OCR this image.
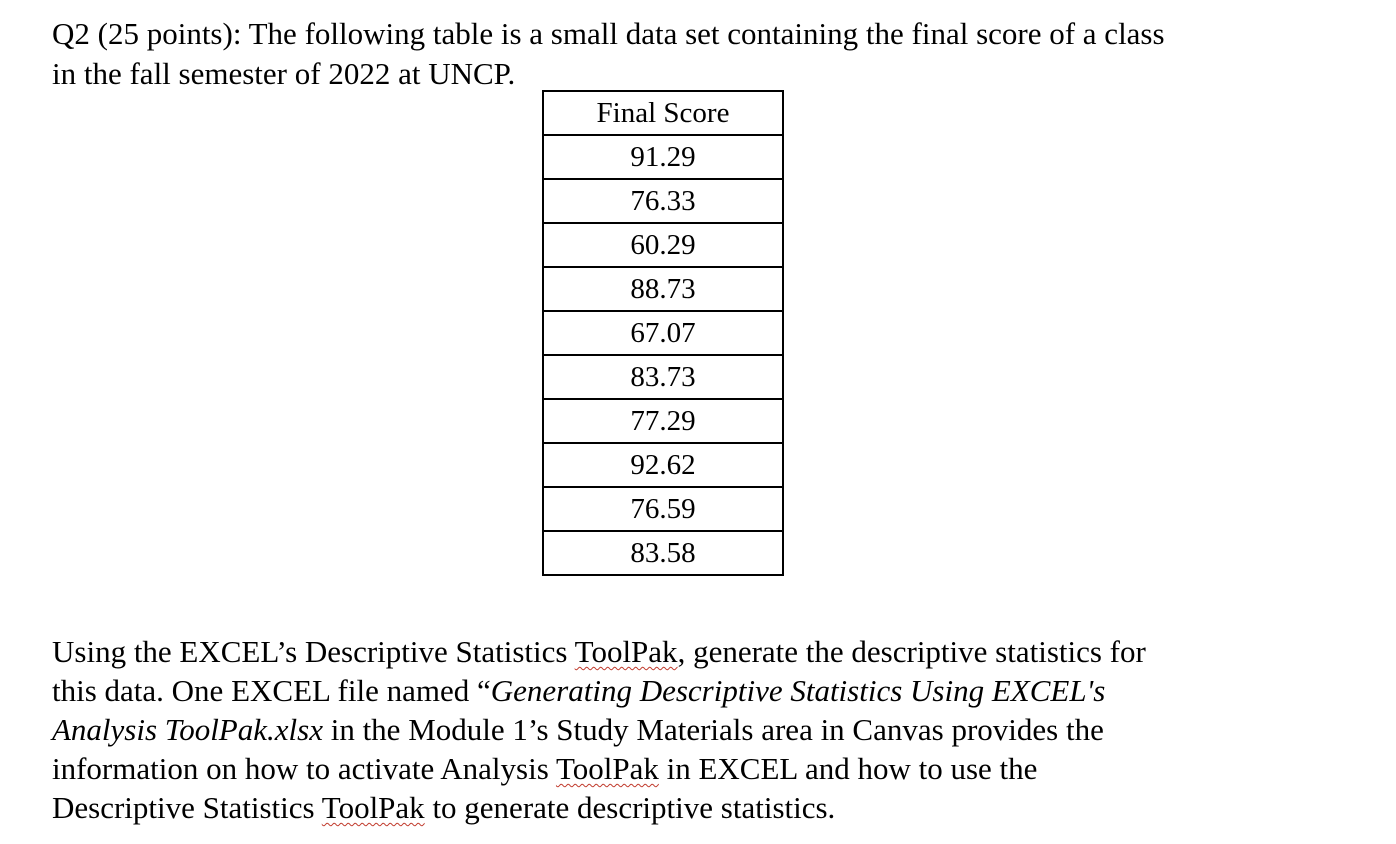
Q2 (25 points): The following table is a small data set containing the final score of a class
in the fall semester of 2022 at UNCP.
Final Score
91.29
76.33
60.29
88.73
67.07
83.73
77.29
92.62
76.59
83.58

Using the EXCEL’s Descriptive Statistics ToolPak, generate the descriptive statistics for

this data. One EXCEL file named “Generating Descriptive Statistics Using EXCEL's

Analysis ToolPak.xlsx in the Module 1’s Study Materials area in Canvas provides the

information on how to activate Analysis ToolPak in EXCEL and how to use the

Descriptive Statistics ToolPak to generate descriptive statistics.
